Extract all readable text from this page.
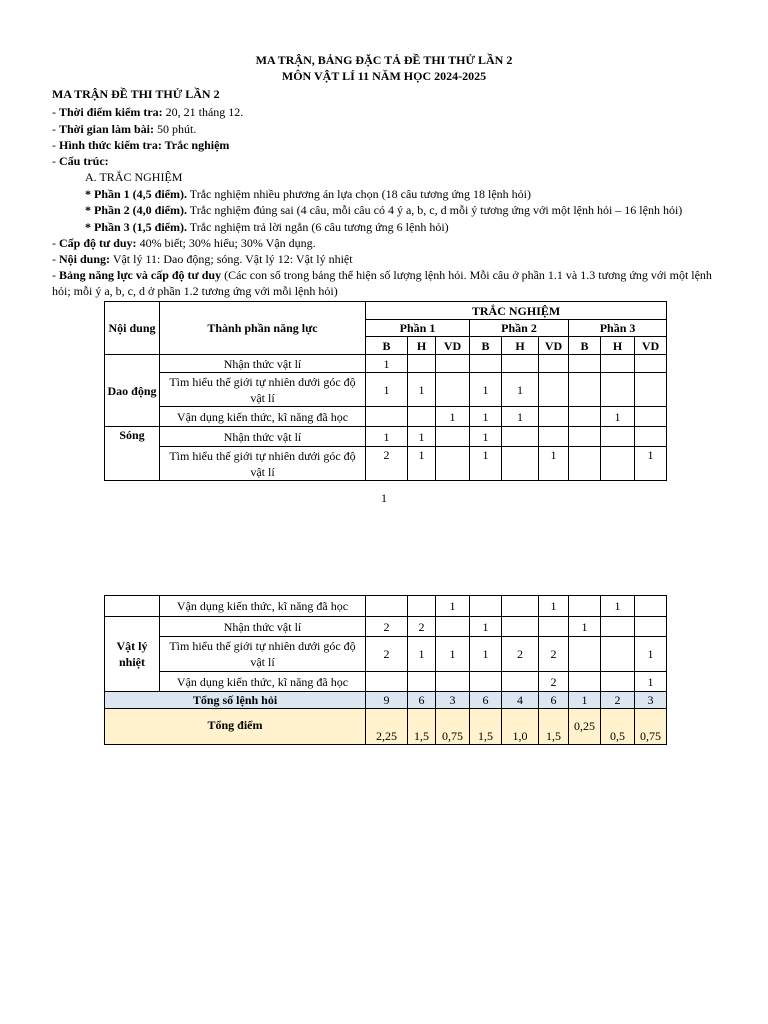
MA TRẬN, BẢNG ĐẶC TẢ ĐỀ THI THỬ LẦN 2
MÔN VẬT LÍ 11 NĂM HỌC 2024-2025
MA TRẬN ĐỀ THI THỬ LẦN 2
- Thời điểm kiểm tra: 20, 21 tháng 12.
- Thời gian làm bài: 50 phút.
- Hình thức kiểm tra: Trắc nghiệm
- Cấu trúc:
A. TRẮC NGHIỆM
* Phần 1 (4,5 điểm). Trắc nghiệm nhiều phương án lựa chọn (18 câu tương ứng 18 lệnh hỏi)
* Phần 2 (4,0 điểm). Trắc nghiệm đúng sai (4 câu, mỗi câu có 4 ý a, b, c, d mỗi ý tương ứng với một lệnh hỏi – 16 lệnh hỏi)
* Phần 3 (1,5 điểm). Trắc nghiệm trả lời ngắn (6 câu tương ứng 6 lệnh hỏi)
- Cấp độ tư duy: 40% biết; 30% hiểu; 30% Vận dụng.
- Nội dung: Vật lý 11: Dao động; sóng. Vật lý 12: Vật lý nhiệt
- Bảng năng lực và cấp độ tư duy (Các con số trong bảng thể hiện số lượng lệnh hỏi. Mỗi câu ở phần 1.1 và 1.3 tương ứng với một lệnh hỏi; mỗi ý a, b, c, d ở phần 1.2 tương ứng với mỗi lệnh hỏi)
Nội dung	Thành phần năng lực	TRẮC NGHIỆM								
		Phần 1			Phần 2			Phần 3		
		B	H	VD	B	H	VD	B	H	VD
Dao động	Nhận thức vật lí	1								
	Tìm hiểu thế giới tự nhiên dưới góc độ vật lí	1	1		1	1				
	Vận dụng kiến thức, kĩ năng đã học			1	1	1			1	
Sóng	Nhận thức vật lí	1	1		1					
	Tìm hiểu thế giới tự nhiên dưới góc độ vật lí	2	1		1		1			1
1
	Vận dụng kiến thức, kĩ năng đã học			1			1		1	
Vật lý nhiệt	Nhận thức vật lí	2	2		1			1		
	Tìm hiểu thế giới tự nhiên dưới góc độ vật lí	2	1	1	1	2	2			1
	Vận dụng kiến thức, kĩ năng đã học						2			1
Tổng số lệnh hỏi		9	6	3	6	4	6	1	2	3
Tổng điểm		2,25	1,5	0,75	1,5	1,0	1,5	0,25	0,5	0,75
